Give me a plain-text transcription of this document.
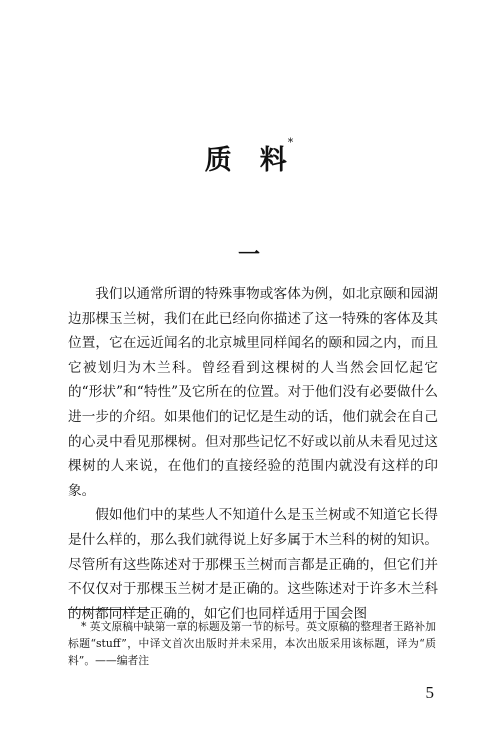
质 料*
一

我们以通常所谓的特殊事物或客体为例，如北京颐和园湖边那棵玉兰树，我们在此已经向你描述了这一特殊的客体及其位置，它在远近闻名的北京城里同样闻名的颐和园之内，而且它被划归为木兰科。曾经看到这棵树的人当然会回忆起它的“形状”和“特性”及它所在的位置。对于他们没有必要做什么进一步的介绍。如果他们的记忆是生动的话，他们就会在自己的心灵中看见那棵树。但对那些记忆不好或以前从未看见过这棵树的人来说，在他们的直接经验的范围内就没有这样的印象。

假如他们中的某些人不知道什么是玉兰树或不知道它长得是什么样的，那么我们就得说上好多属于木兰科的树的知识。尽管所有这些陈述对于那棵玉兰树而言都是正确的，但它们并不仅仅对于那棵玉兰树才是正确的。这些陈述对于许多木兰科的树都同样是正确的，如它们也同样适用于国会图

* 英文原稿中缺第一章的标题及第一节的标号。英文原稿的整理者王路补加标题“stuff”，中译文首次出版时并未采用，本次出版采用该标题，译为“质料”。——编者注

5
